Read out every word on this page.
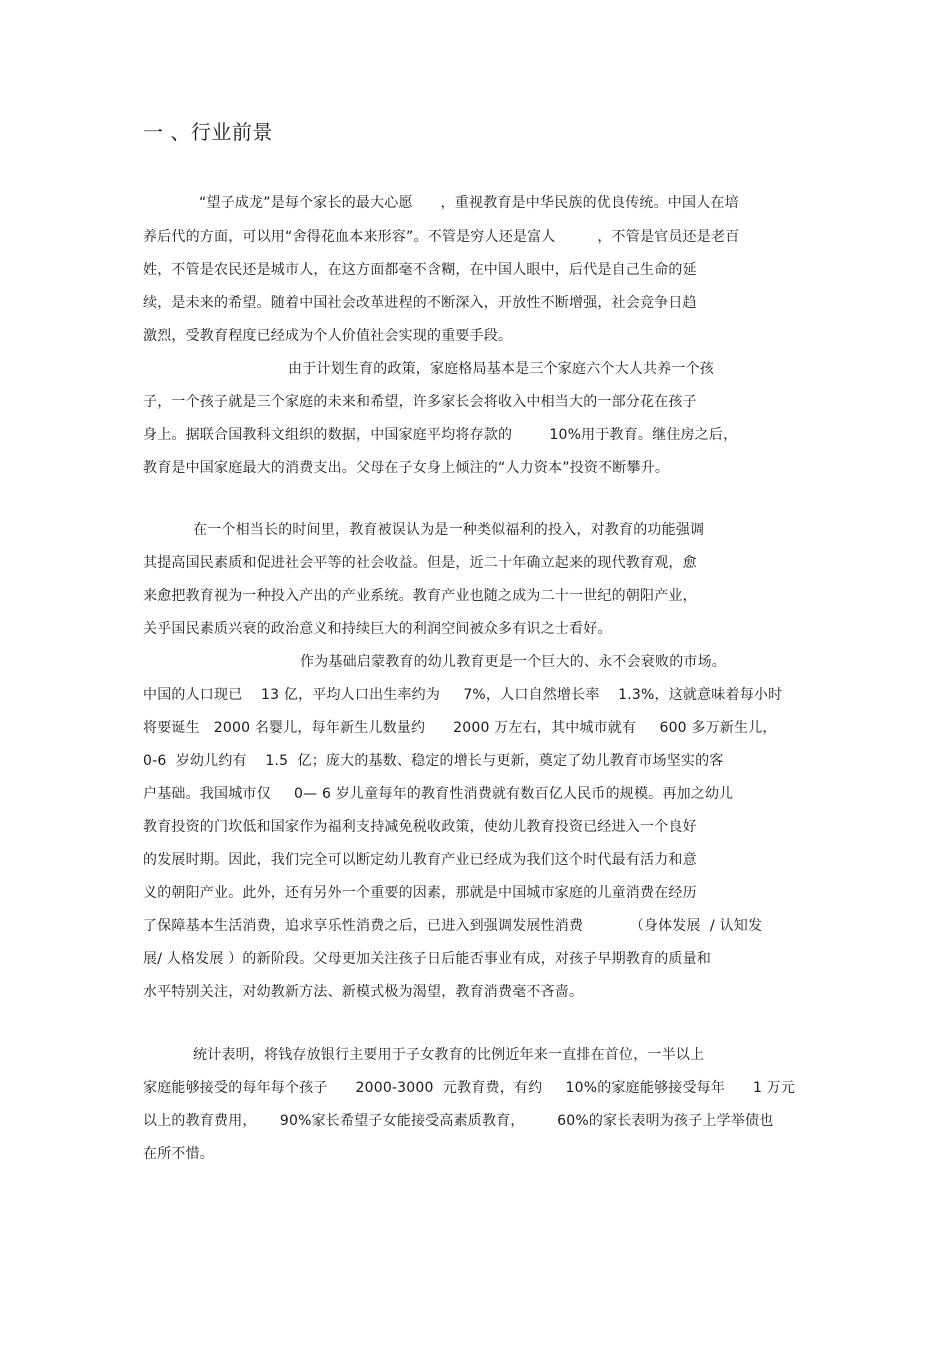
一 、行业前景
“望子成龙”是每个家长的最大心愿      ，重视教育是中华民族的优良传统。中国人在培
养后代的方面，可以用“舍得花血本来形容”。不管是穷人还是富人         ，不管是官员还是老百
姓，不管是农民还是城市人，在这方面都毫不含糊，在中国人眼中，后代是自己生命的延
续，是未来的希望。随着中国社会改革进程的不断深入，开放性不断增强，社会竞争日趋
激烈，受教育程度已经成为个人价值社会实现的重要手段。
由于计划生育的政策，家庭格局基本是三个家庭六个大人共养一个孩
子，一个孩子就是三个家庭的未来和希望，许多家长会将收入中相当大的一部分花在孩子
身上。据联合国教科文组织的数据，中国家庭平均将存款的        10%用于教育。继住房之后，
教育是中国家庭最大的消费支出。父母在子女身上倾注的“人力资本”投资不断攀升。
在一个相当长的时间里，教育被误认为是一种类似福利的投入，对教育的功能强调
其提高国民素质和促进社会平等的社会收益。但是，近二十年确立起来的现代教育观，愈
来愈把教育视为一种投入产出的产业系统。教育产业也随之成为二十一世纪的朝阳产业，
关乎国民素质兴衰的政治意义和持续巨大的利润空间被众多有识之士看好。
作为基础启蒙教育的幼儿教育更是一个巨大的、永不会衰败的市场。
中国的人口现已    13 亿，平均人口出生率约为     7%，人口自然增长率    1.3%，这就意味着每小时
将要诞生   2000 名婴儿，每年新生儿数量约      2000 万左右，其中城市就有     600 多万新生儿，
0-6  岁幼儿约有    1.5  亿；庞大的基数、稳定的增长与更新，奠定了幼儿教育市场坚实的客
户基础。我国城市仅     0— 6 岁儿童每年的教育性消费就有数百亿人民币的规模。再加之幼儿
教育投资的门坎低和国家作为福利支持减免税收政策，使幼儿教育投资已经进入一个良好
的发展时期。因此，我们完全可以断定幼儿教育产业已经成为我们这个时代最有活力和意
义的朝阳产业。此外，还有另外一个重要的因素，那就是中国城市家庭的儿童消费在经历
了保障基本生活消费，追求享乐性消费之后，已进入到强调发展性消费          （身体发展  / 认知发
展/ 人格发展 ）的新阶段。父母更加关注孩子日后能否事业有成，对孩子早期教育的质量和
水平特别关注，对幼教新方法、新模式极为渴望，教育消费毫不吝啬。
统计表明，将钱存放银行主要用于子女教育的比例近年来一直排在首位，一半以上
家庭能够接受的每年每个孩子      2000-3000  元教育费，有约     10%的家庭能够接受每年      1 万元
以上的教育费用，     90%家长希望子女能接受高素质教育，       60%的家长表明为孩子上学举债也
在所不惜。
